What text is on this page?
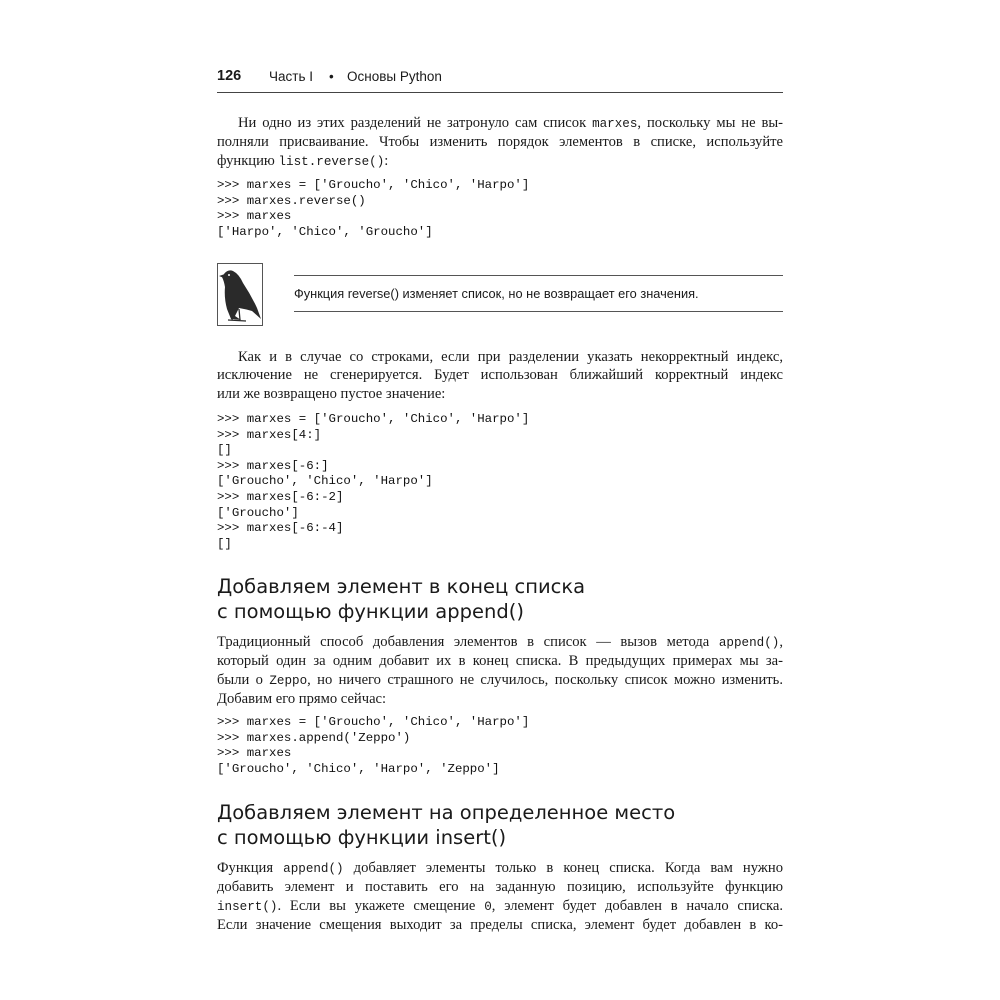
126 Часть I • Основы Python
Ни одно из этих разделений не затронуло сам список marxes, поскольку мы не вы-
полняли присваивание. Чтобы изменить порядок элементов в списке, используйте
функцию list.reverse():
>>> marxes = ['Groucho', 'Chico', 'Harpo']
>>> marxes.reverse()
>>> marxes
['Harpo', 'Chico', 'Groucho']

Функция reverse() изменяет список, но не возвращает его значения.
Как и в случае со строками, если при разделении указать некорректный индекс,
исключение не сгенерируется. Будет использован ближайший корректный индекс
или же возвращено пустое значение:
>>> marxes = ['Groucho', 'Chico', 'Harpo']
>>> marxes[4:]
[]
>>> marxes[-6:]
['Groucho', 'Chico', 'Harpo']
>>> marxes[-6:-2]
['Groucho']
>>> marxes[-6:-4]
[]

Добавляем элемент в конец списка
с помощью функции append()
Традиционный способ добавления элементов в список — вызов метода append(),
который один за одним добавит их в конец списка. В предыдущих примерах мы за-
были о Zeppo, но ничего страшного не случилось, поскольку список можно изменить.
Добавим его прямо сейчас:
>>> marxes = ['Groucho', 'Chico', 'Harpo']
>>> marxes.append('Zeppo')
>>> marxes
['Groucho', 'Chico', 'Harpo', 'Zeppo']

Добавляем элемент на определенное место
с помощью функции insert()
Функция append() добавляет элементы только в конец списка. Когда вам нужно
добавить элемент и поставить его на заданную позицию, используйте функцию
insert(). Если вы укажете смещение 0, элемент будет добавлен в начало списка.
Если значение смещения выходит за пределы списка, элемент будет добавлен в ко-
